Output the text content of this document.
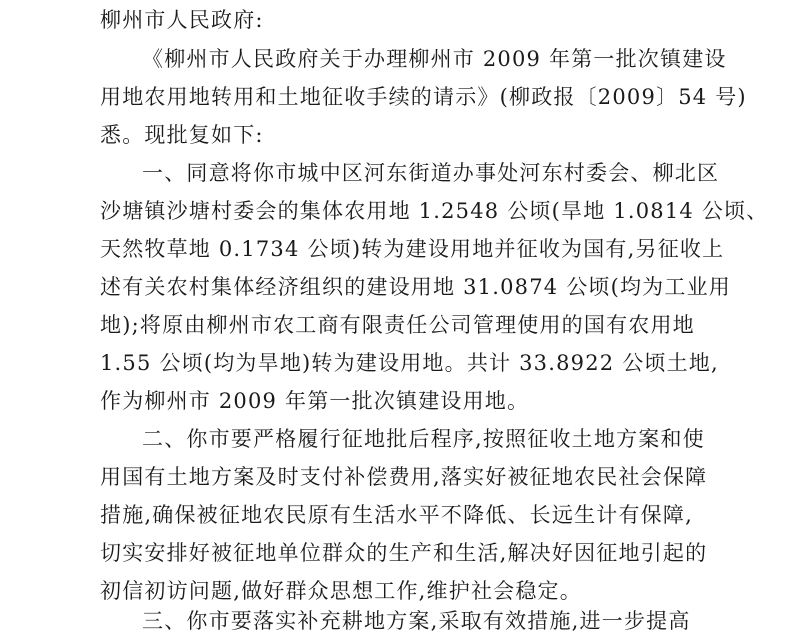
柳州市人民政府:
《柳州市人民政府关于办理柳州市 2009 年第一批次镇建设
用地农用地转用和土地征收手续的请示》(柳政报〔2009〕54 号)
悉。现批复如下:
一、同意将你市城中区河东街道办事处河东村委会、柳北区
沙塘镇沙塘村委会的集体农用地 1.2548 公顷(旱地 1.0814 公顷、
天然牧草地 0.1734 公顷)转为建设用地并征收为国有,另征收上
述有关农村集体经济组织的建设用地 31.0874 公顷(均为工业用
地);将原由柳州市农工商有限责任公司管理使用的国有农用地
1.55 公顷(均为旱地)转为建设用地。共计 33.8922 公顷土地,
作为柳州市 2009 年第一批次镇建设用地。
二、你市要严格履行征地批后程序,按照征收土地方案和使
用国有土地方案及时支付补偿费用,落实好被征地农民社会保障
措施,确保被征地农民原有生活水平不降低、长远生计有保障,
切实安排好被征地单位群众的生产和生活,解决好因征地引起的
初信初访问题,做好群众思想工作,维护社会稳定。
三、你市要落实补充耕地方案,采取有效措施,进一步提高
